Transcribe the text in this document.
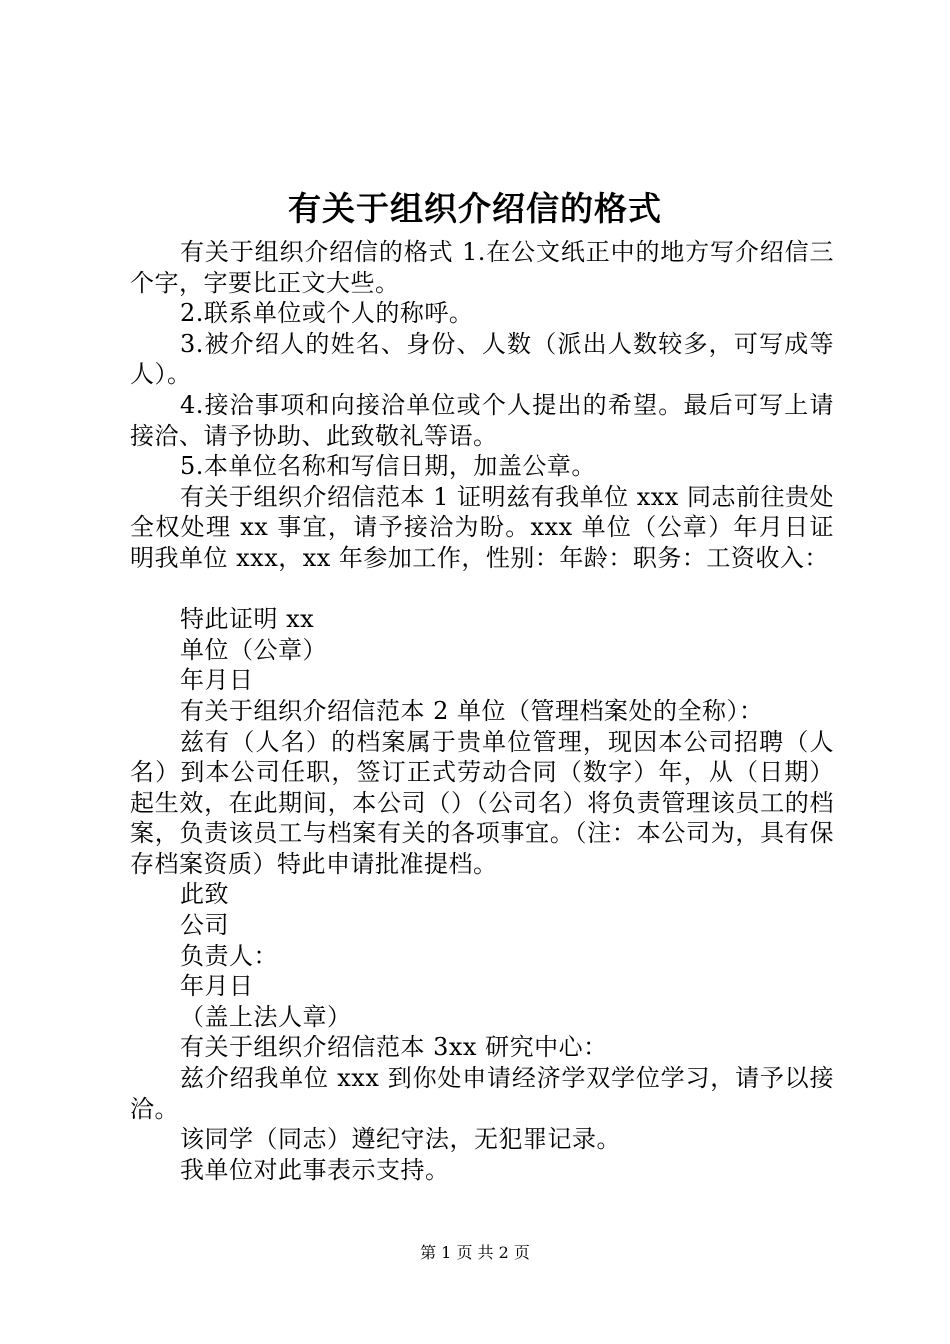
有关于组织介绍信的格式

有关于组织介绍信的格式 1.在公文纸正中的地方写介绍信三个字，字要比正文大些。

2.联系单位或个人的称呼。

3.被介绍人的姓名、身份、人数（派出人数较多，可写成等人）。

4.接洽事项和向接洽单位或个人提出的希望。最后可写上请接洽、请予协助、此致敬礼等语。

5.本单位名称和写信日期，加盖公章。

有关于组织介绍信范本 1 证明兹有我单位 xxx 同志前往贵处全权处理 xx 事宜，请予接洽为盼。xxx 单位（公章）年月日证明我单位 xxx，xx 年参加工作，性别：年龄：职务：工资收入：

特此证明 xx

单位（公章）

年月日

有关于组织介绍信范本 2 单位（管理档案处的全称）：

兹有（人名）的档案属于贵单位管理，现因本公司招聘（人名）到本公司任职，签订正式劳动合同（数字）年，从（日期）起生效，在此期间，本公司（）（公司名）将负责管理该员工的档案，负责该员工与档案有关的各项事宜。（注：本公司为，具有保存档案资质）特此申请批准提档。

此致

公司

负责人：

年月日

（盖上法人章）

有关于组织介绍信范本 3xx 研究中心：

兹介绍我单位 xxx 到你处申请经济学双学位学习，请予以接洽。

该同学（同志）遵纪守法，无犯罪记录。

我单位对此事表示支持。

第 1 页 共 2 页
